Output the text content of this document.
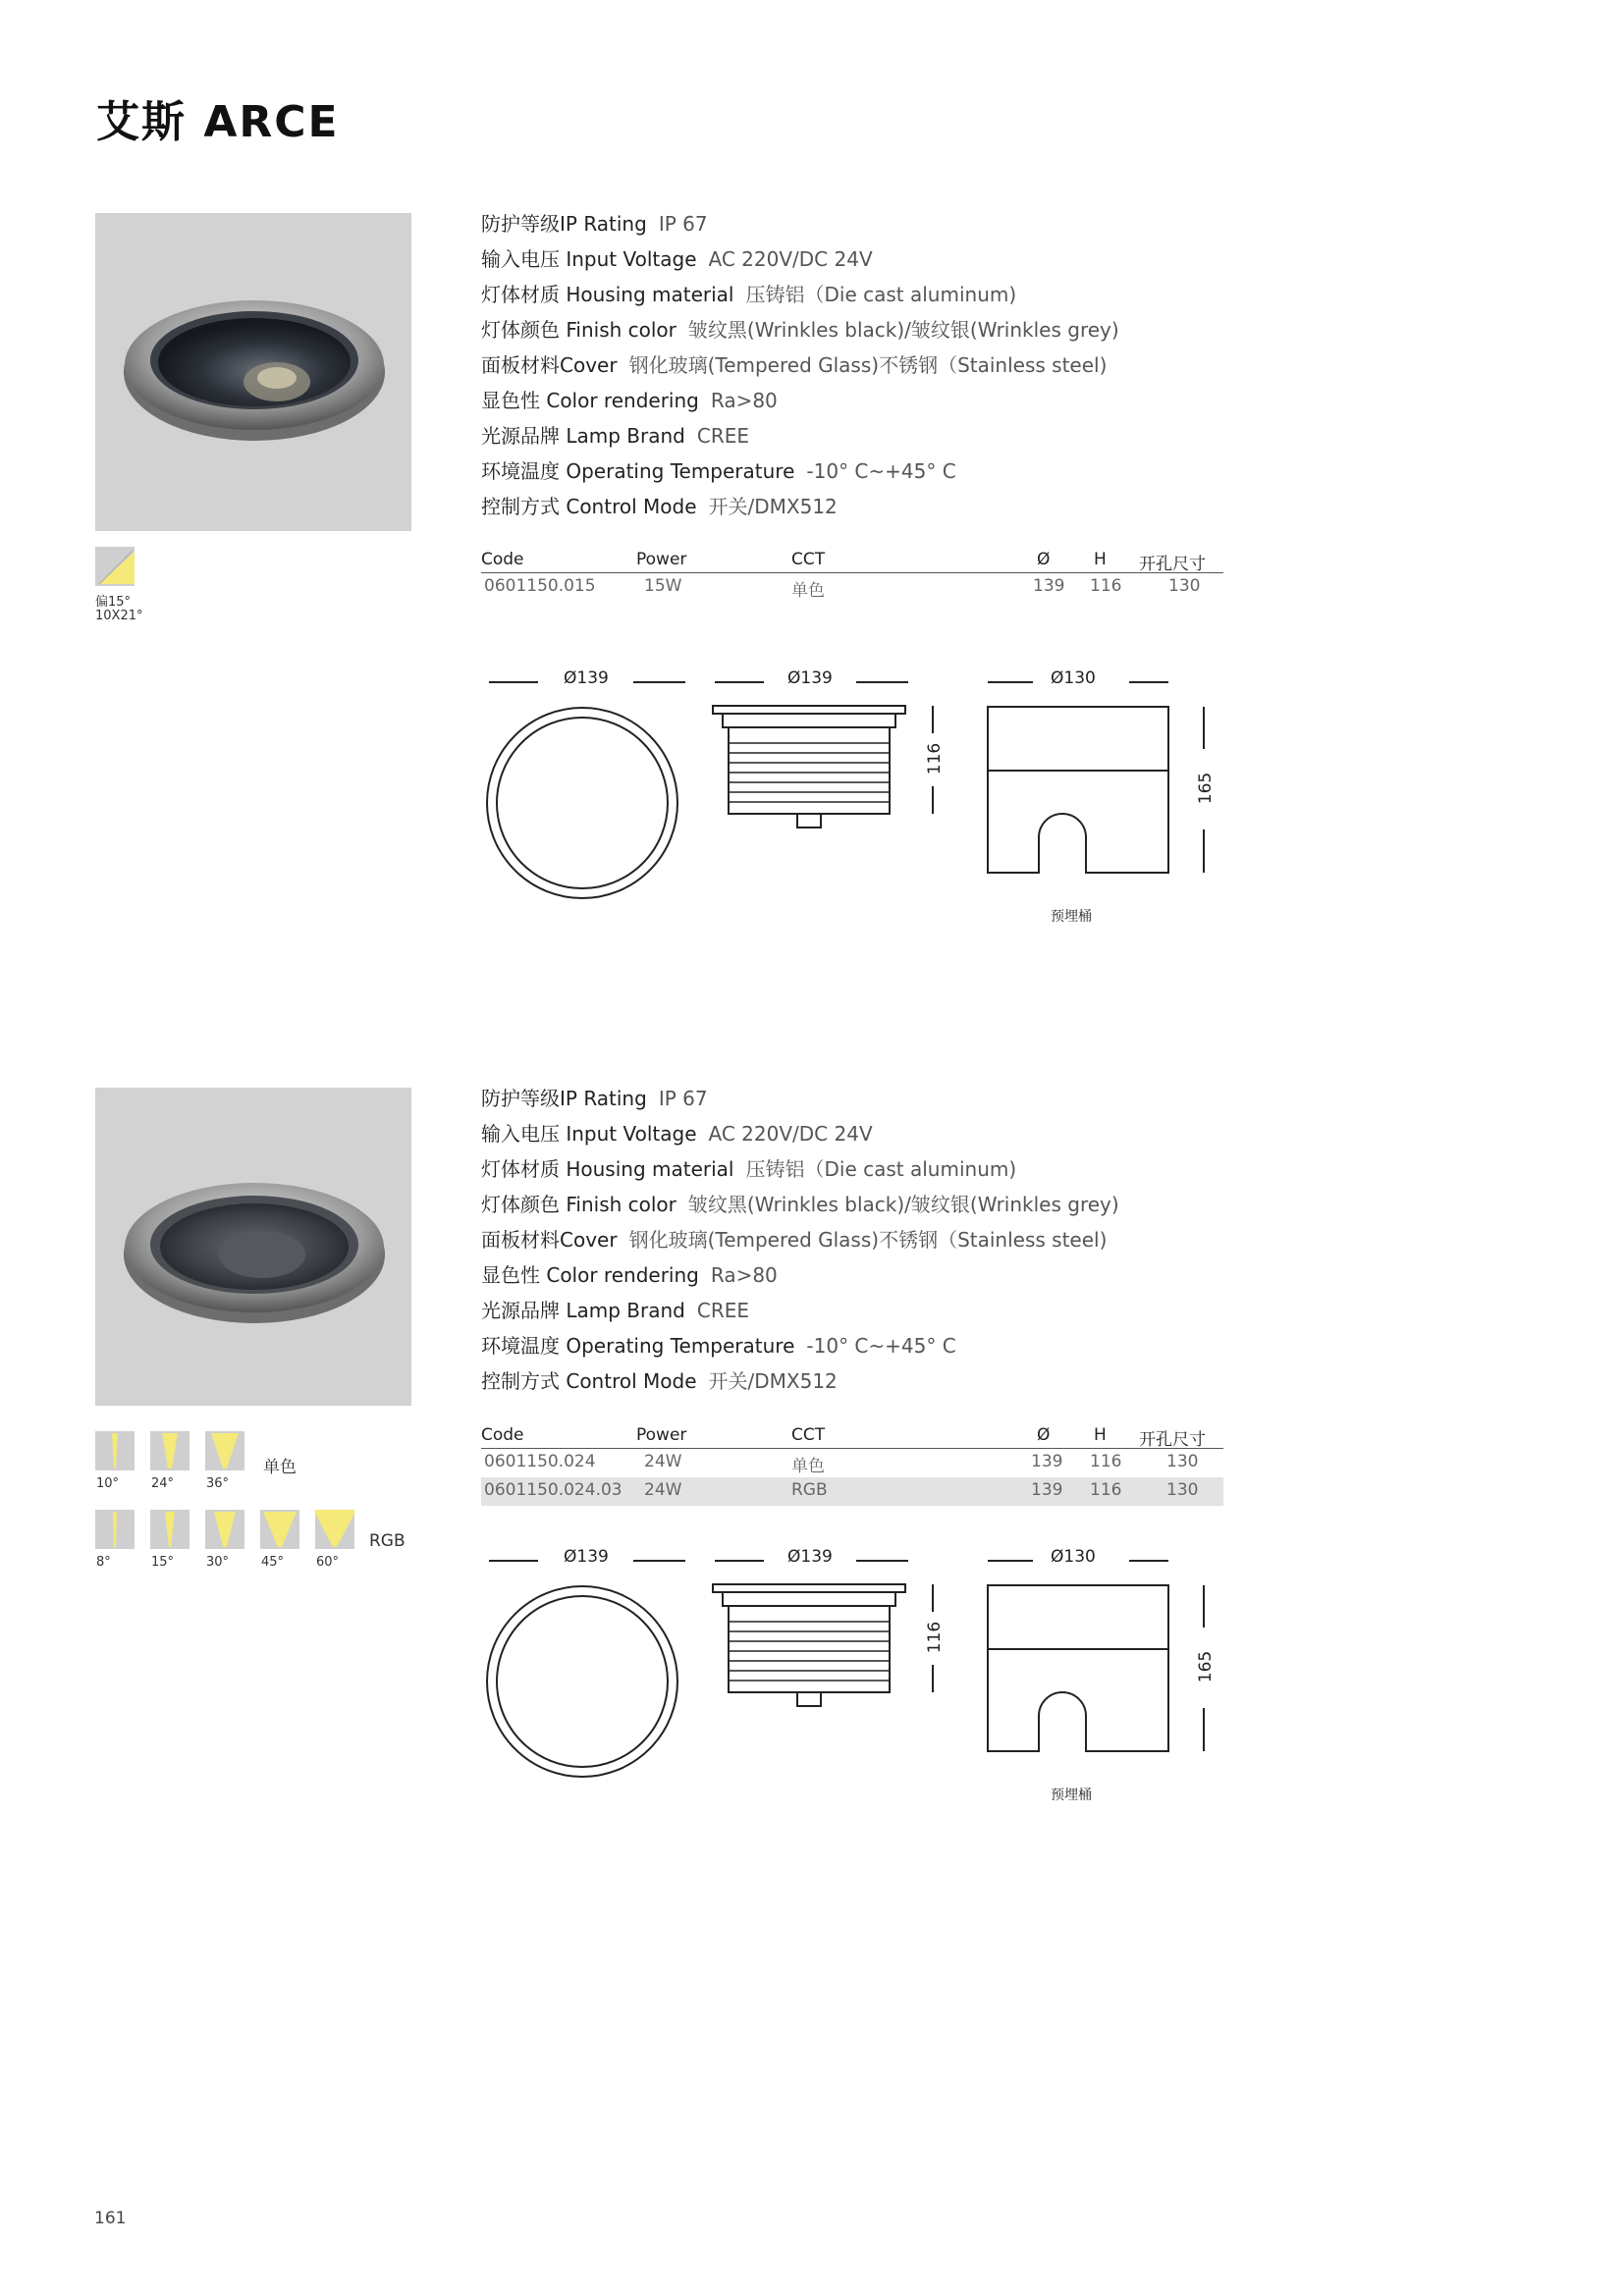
艾斯 ARCE
防护等级IP Rating IP 67
输入电压 Input Voltage AC 220V/DC 24V
灯体材质 Housing material 压铸铝（Die cast aluminum)
灯体颜色 Finish color 皱纹黑(Wrinkles black)/皱纹银(Wrinkles grey)
面板材料Cover 钢化玻璃(Tempered Glass)不锈钢（Stainless steel)
显色性 Color rendering Ra>80
光源品牌 Lamp Brand CREE
环境温度 Operating Temperature -10° C~+45° C
控制方式 Control Mode 开关/DMX512
Code	Power	CCT	Ø	H 开孔尺寸
0601150.015	15W	单色	139 116	130
偏15°
10X21°
Ø139	Ø139	Ø130
116
165
预埋桶
防护等级IP Rating IP 67
输入电压 Input Voltage AC 220V/DC 24V
灯体材质 Housing material 压铸铝（Die cast aluminum)
灯体颜色 Finish color 皱纹黑(Wrinkles black)/皱纹银(Wrinkles grey)
面板材料Cover 钢化玻璃(Tempered Glass)不锈钢（Stainless steel)
显色性 Color rendering Ra>80
光源品牌 Lamp Brand CREE
环境温度 Operating Temperature -10° C~+45° C
控制方式 Control Mode 开关/DMX512
Code	Power	CCT	Ø	H 开孔尺寸
0601150.024	24W	单色	139 116	130
0601150.024.03 24W	RGB	139 116	130
10°	24°	36°
单色
8°	15°	30°	45°	60°
RGB
Ø139	Ø139	Ø130
116
165
预埋桶
161
